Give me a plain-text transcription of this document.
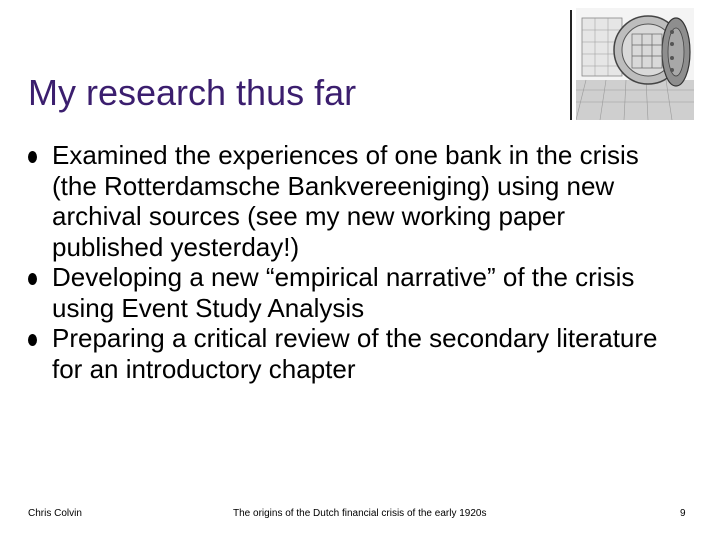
My research thus far
Examined the experiences of one bank in the crisis (the Rotterdamsche Bankvereeniging) using new archival sources (see my new working paper published yesterday!)
Developing a new “empirical narrative” of the crisis using Event Study Analysis
Preparing a critical review of the secondary literature for an introductory chapter
Chris Colvin	The origins of the Dutch financial crisis of the early 1920s	9
